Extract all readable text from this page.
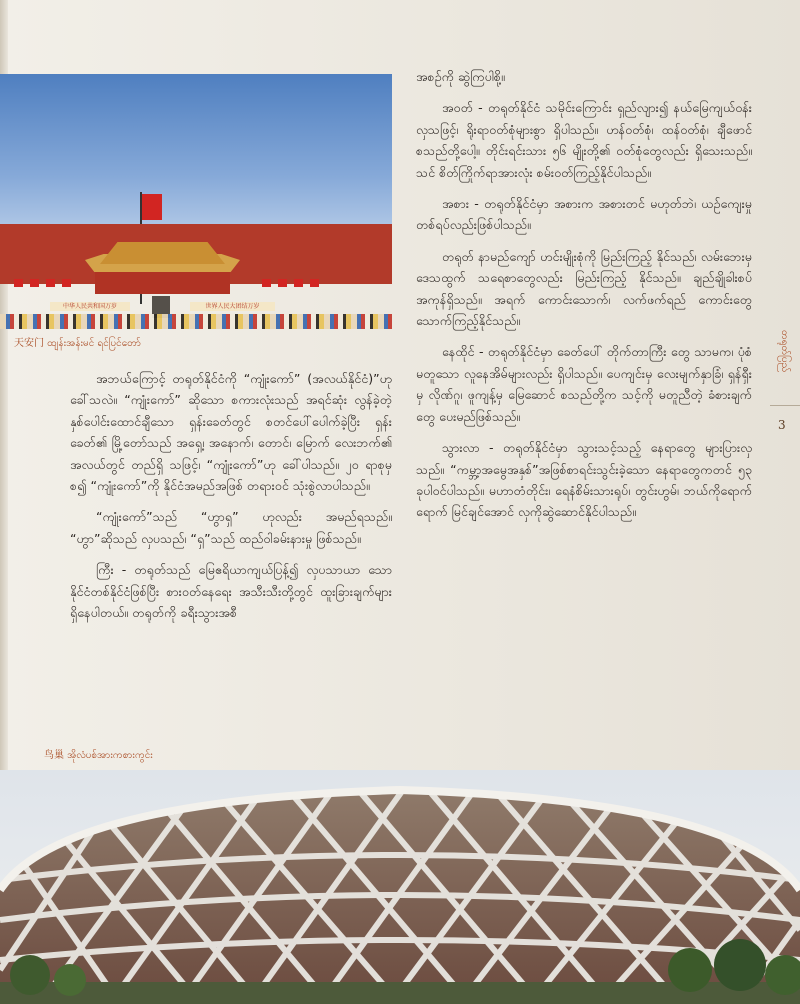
中华人民共和国万岁	世界人民大团结万岁
天安门 ထျန်းအန်းမင် ရင်ပြင်တော်

အဘယ်ကြောင့် တရုတ်နိုင်ငံကို “ကျုံးကော်” (အလယ်နိုင်ငံ)”ဟု ခေါ်သလဲ။ “ကျုံးကော်” ဆိုသော စကားလုံးသည် အရင်ဆုံး လွန်ခဲ့တဲ့ နှစ်ပေါင်းထောင်ချီသော ရှန်းခေတ်တွင် စတင်ပေါ်ပေါက်ခဲ့ပြီး ရှန်းခေတ်၏ မြို့တော်သည် အရှေ့၊ အနောက်၊ တောင်၊ မြောက် လေးဘက်၏ အလယ်တွင် တည်ရှိ သဖြင့်၊ “ကျုံးကော်”ဟု ခေါ်ပါသည်။ ၂၀ ရာစုမှစ၍ “ကျုံးကော်”ကို နိုင်ငံအမည်အဖြစ် တရားဝင် သုံးစွဲလာပါသည်။

“ကျုံးကော်”သည် “ဟွာရှ” ဟုလည်း အမည်ရသည်။ “ဟွာ”ဆိုသည် လှပသည်၊ “ရှ”သည် ထည်ဝါခမ်းနားမှု ဖြစ်သည်။

ကြီး - တရုတ်သည် မြေဧရိယာကျယ်ပြန့်၍ လှပသာယာ သောနိုင်ငံတစ်နိုင်ငံဖြစ်ပြီး စားဝတ်နေရေး အသီးသီးတို့တွင် ထူးခြားချက်များ ရှိနေပါတယ်။ တရုတ်ကို ခရီးသွားအစီ

အစဉ်ကို ဆွဲကြပါစို့။

အဝတ် - တရုတ်နိုင်ငံ သမိုင်းကြောင်း ရှည်လျား၍ နယ်မြေကျယ်ဝန်းလှသဖြင့်၊ ရိုးရာဝတ်စုံများစွာ ရှိပါသည်။ ဟန်ဝတ်စုံ၊ ထန်ဝတ်စုံ၊ ချီဖောင်စသည်တို့ပေါ့။ တိုင်းရင်းသား ၅၆ မျိုးတို့၏ ဝတ်စုံတွေလည်း ရှိသေးသည်။ သင် စိတ်ကြိုက်ရာအားလုံး စမ်းဝတ်ကြည့်နိုင်ပါသည်။

အစား - တရုတ်နိုင်ငံမှာ အစားက အစားတင် မဟုတ်ဘဲ၊ ယဉ်ကျေးမှု တစ်ရပ်လည်းဖြစ်ပါသည်။

တရုတ် နာမည်ကျော် ဟင်းမျိုးစုံကို မြည်းကြည့် နိုင်သည်၊ လမ်းဘေးမှ ဒေသထွက် သရေစာတွေလည်း မြည်းကြည့် နိုင်သည်။ ချည်ချိုခါးစပ် အကုန်ရှိသည်။ အရက် ကောင်းသောက်၊ လက်ဖက်ရည် ကောင်းတွေ သောက်ကြည့်နိုင်သည်။

နေထိုင် - တရုတ်နိုင်ငံမှာ ခေတ်ပေါ် တိုက်တာကြီး တွေ သာမက၊ ပုံစံ မတူသော လူနေအိမ်များလည်း ရှိပါသည်။ ပေကျင်းမှ လေးမျက်နှာခြံ၊ ရှန်ရှီးမှ လိုဏ်ဂူ၊ ဖူကျန့်မှ မြေဆောင် စသည်တို့က သင့်ကို မတူညီတဲ့ ခံစားချက်တွေ ပေးမည်ဖြစ်သည်။

သွားလာ - တရုတ်နိုင်ငံမှာ သွားသင့်သည့် နေရာတွေ များပြားလှသည်။ “ကမ္ဘာ့အမွေအနှစ်”အဖြစ်စာရင်းသွင်းခဲ့သော နေရာတွေကတင် ၅၃ ခုပါဝင်ပါသည်။ မဟာတံတိုင်း၊ ရေနံစိမ်းသားရုပ်၊ တွင်းဟွမ်၊ ဘယ်ကိုရောက်ရောက် မြင်ချင်အောင် လှကိုဆွဲဆောင်နိုင်ပါသည်။

တရုတ်ပြည်
3
鸟巢 အိုလံပစ်အားကစားကွင်း
